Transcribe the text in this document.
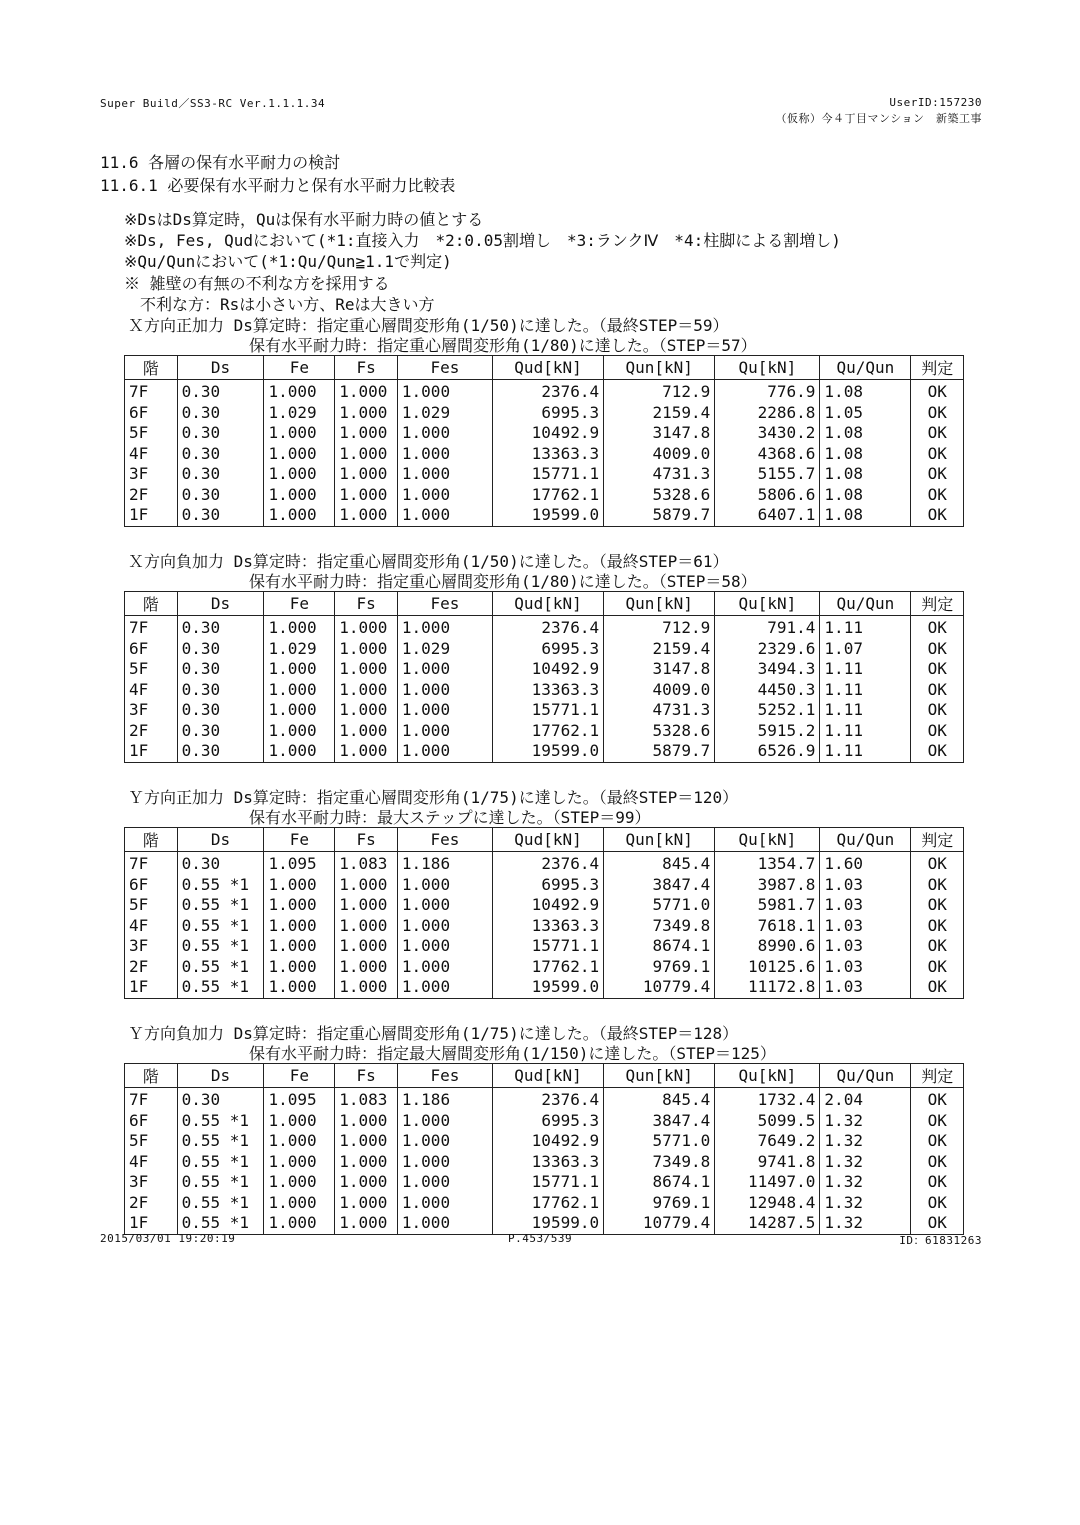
Super Build／SS3-RC Ver.1.1.1.34	UserID:157230
（仮称）今４丁目マンション　新築工事
11.6 各層の保有水平耐力の検討
11.6.1 必要保有水平耐力と保有水平耐力比較表
※DsはDs算定時，Quは保有水平耐力時の値とする
※Ds, Fes, Qudにおいて(*1:直接入力　*2:0.05割増し　*3:ランクⅣ　*4:柱脚による割増し)
※Qu/Qunにおいて(*1:Qu/Qun≧1.1で判定)
※ 雑壁の有無の不利な方を採用する
　不利な方：Rsは小さい方、Reは大きい方
Ｘ方向正加力 Ds算定時：指定重心層間変形角(1/50)に達した。（最終STEP＝59）
保有水平耐力時：指定重心層間変形角(1/80)に達した。（STEP＝57）
階	Ds	Fe	Fs	Fes	Qud[kN]	Qun[kN]	Qu[kN]	Qu/Qun	判定
7F	0.30	1.000	1.000	1.000	2376.4	712.9	776.9	1.08	OK
6F	0.30	1.029	1.000	1.029	6995.3	2159.4	2286.8	1.05	OK
5F	0.30	1.000	1.000	1.000	10492.9	3147.8	3430.2	1.08	OK
4F	0.30	1.000	1.000	1.000	13363.3	4009.0	4368.6	1.08	OK
3F	0.30	1.000	1.000	1.000	15771.1	4731.3	5155.7	1.08	OK
2F	0.30	1.000	1.000	1.000	17762.1	5328.6	5806.6	1.08	OK
1F	0.30	1.000	1.000	1.000	19599.0	5879.7	6407.1	1.08	OK
Ｘ方向負加力 Ds算定時：指定重心層間変形角(1/50)に達した。（最終STEP＝61）
保有水平耐力時：指定重心層間変形角(1/80)に達した。（STEP＝58）
階	Ds	Fe	Fs	Fes	Qud[kN]	Qun[kN]	Qu[kN]	Qu/Qun	判定
7F	0.30	1.000	1.000	1.000	2376.4	712.9	791.4	1.11	OK
6F	0.30	1.029	1.000	1.029	6995.3	2159.4	2329.6	1.07	OK
5F	0.30	1.000	1.000	1.000	10492.9	3147.8	3494.3	1.11	OK
4F	0.30	1.000	1.000	1.000	13363.3	4009.0	4450.3	1.11	OK
3F	0.30	1.000	1.000	1.000	15771.1	4731.3	5252.1	1.11	OK
2F	0.30	1.000	1.000	1.000	17762.1	5328.6	5915.2	1.11	OK
1F	0.30	1.000	1.000	1.000	19599.0	5879.7	6526.9	1.11	OK
Ｙ方向正加力 Ds算定時：指定重心層間変形角(1/75)に達した。（最終STEP＝120）
保有水平耐力時：最大ステップに達した。（STEP＝99）
階	Ds	Fe	Fs	Fes	Qud[kN]	Qun[kN]	Qu[kN]	Qu/Qun	判定
7F	0.30	1.095	1.083	1.186	2376.4	845.4	1354.7	1.60	OK
6F	0.55 *1	1.000	1.000	1.000	6995.3	3847.4	3987.8	1.03	OK
5F	0.55 *1	1.000	1.000	1.000	10492.9	5771.0	5981.7	1.03	OK
4F	0.55 *1	1.000	1.000	1.000	13363.3	7349.8	7618.1	1.03	OK
3F	0.55 *1	1.000	1.000	1.000	15771.1	8674.1	8990.6	1.03	OK
2F	0.55 *1	1.000	1.000	1.000	17762.1	9769.1	10125.6	1.03	OK
1F	0.55 *1	1.000	1.000	1.000	19599.0	10779.4	11172.8	1.03	OK
Ｙ方向負加力 Ds算定時：指定重心層間変形角(1/75)に達した。（最終STEP＝128）
保有水平耐力時：指定最大層間変形角(1/150)に達した。（STEP＝125）
階	Ds	Fe	Fs	Fes	Qud[kN]	Qun[kN]	Qu[kN]	Qu/Qun	判定
7F	0.30	1.095	1.083	1.186	2376.4	845.4	1732.4	2.04	OK
6F	0.55 *1	1.000	1.000	1.000	6995.3	3847.4	5099.5	1.32	OK
5F	0.55 *1	1.000	1.000	1.000	10492.9	5771.0	7649.2	1.32	OK
4F	0.55 *1	1.000	1.000	1.000	13363.3	7349.8	9741.8	1.32	OK
3F	0.55 *1	1.000	1.000	1.000	15771.1	8674.1	11497.0	1.32	OK
2F	0.55 *1	1.000	1.000	1.000	17762.1	9769.1	12948.4	1.32	OK
1F	0.55 *1	1.000	1.000	1.000	19599.0	10779.4	14287.5	1.32	OK
2015/03/01 19:20:19	P.453/539	ID：61831263
